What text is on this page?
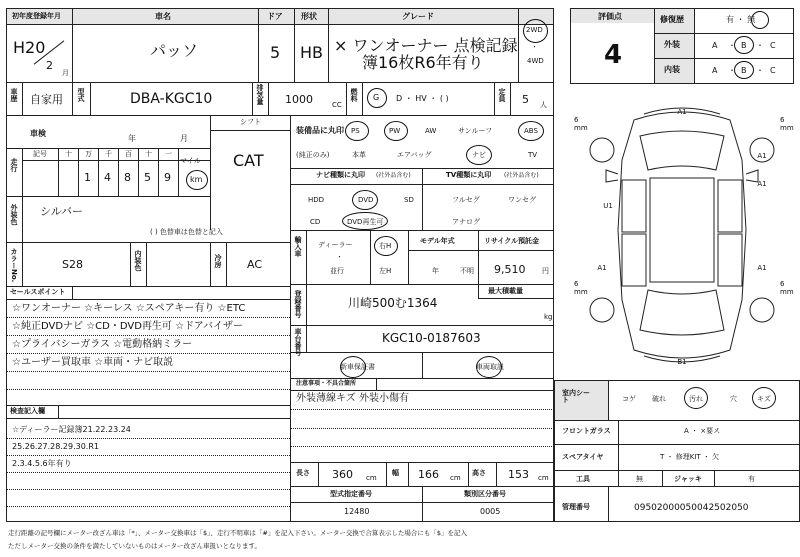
初年度登録年月	車名	ドア 形状	グレード
H20
2
月
パッソ	5 HB × ワンオーナー 点検記録
簿16枚R6年有り
2WD
・
4WD
車歴 自家用 型式	DBA-KGC10	排気量 1000	CC
燃料 G D ・ HV ・ ( )	定員 5 人
車検
年	月
シフト
CAT
走行
記号	十 万 千 百 十 一
マイル
1 4 8 5 9 km
外装色 シルバー
( ) 色替車は色替と記入
カラーNo.	S28	内装色	冷房 AC
セールスポイント
☆ワンオーナー ☆キーレス ☆スペアキー有り ☆ETC
☆純正DVDナビ ☆CD・DVD再生可 ☆ドアバイザー
☆プライバシーガラス ☆電動格納ミラー
☆ユーザー買取車 ☆車両・ナビ取説
検査記入欄
☆ディーラー記録簿21.22.23.24
25.26.27.28.29.30.R1
2.3.4.5.6年有り
装備品に丸印
(純正のみ)
PS	PW	AW	サンルーフ	ABS
本革	エアバッグ	ナビ	TV
ナビ種類に丸印 (社外品含む)	TV種類に丸印 (社外品含む)
HDD	DVD	SD
CD	DVD再生可
フルセグ	ワンセグ
アナログ
輸入車 ディーラー
・
並行
右H
左H
モデル年式
年	不明
リサイクル預託金
9,510 円
登録番号	最大積載量
川崎500む1364
kg
車台番号	KGC10-0187603
新車保証書	車両取説
注意事項・不具合箇所
外装薄線キズ 外装小傷有
長さ 360 cm
幅 166 cm
高さ 153 cm
型式指定番号	類別区分番号
12480	0005
評価点
4
修復歴	有 ・ 無
外装	A ・ B ・ C
内装	A ・ B ・ C
A1
A1
A1
U1
A1	A1
B1
6
mm
6
mm
6
mm
6
mm
室内シート	コゲ 破れ	汚れ	穴	キズ
フロントガラス	A ・ ×要ス
スペアタイヤ	T ・ 修理KIT ・ 欠
工具	無	ジャッキ	有
管理番号	09502000050042502050
走行距離の記号欄にメーター改ざん車は「*」、メーター交換車は「$」、走行不明車は「#」を記入下さい。メーター交換で合算表示した場合にも「$」を記入
ただしメーター交換の条件を満たしていないものはメーター改ざん車扱いとなります。
